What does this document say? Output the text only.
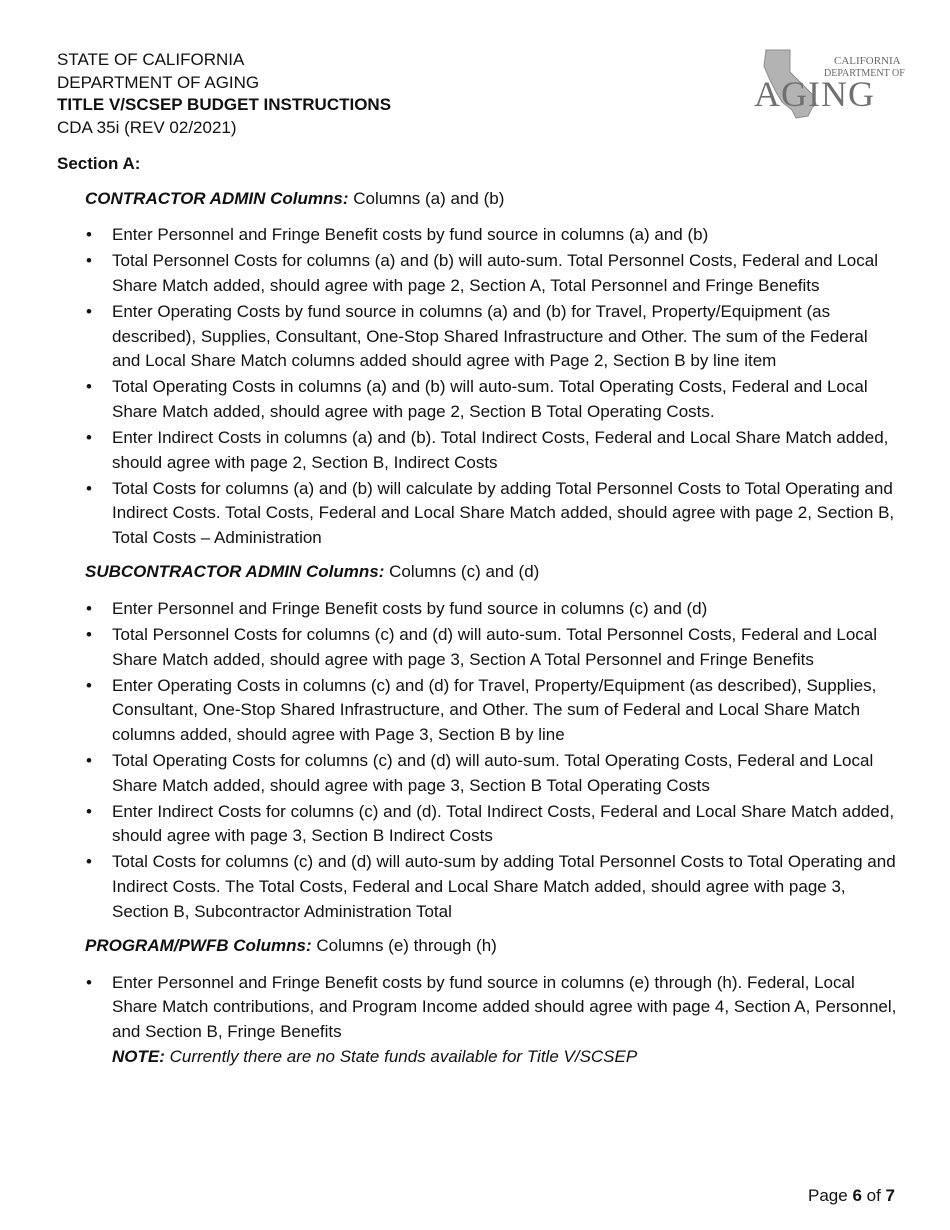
STATE OF CALIFORNIA
DEPARTMENT OF AGING
TITLE V/SCSEP BUDGET INSTRUCTIONS
CDA 35i (REV 02/2021)
CALIFORNIA
DEPARTMENT OF
AGING
Section A:
CONTRACTOR ADMIN Columns: Columns (a) and (b)
• Enter Personnel and Fringe Benefit costs by fund source in columns (a) and (b)
• Total Personnel Costs for columns (a) and (b) will auto-sum. Total Personnel Costs, Federal and Local Share Match added, should agree with page 2, Section A, Total Personnel and Fringe Benefits
• Enter Operating Costs by fund source in columns (a) and (b) for Travel, Property/Equipment (as described), Supplies, Consultant, One-Stop Shared Infrastructure and Other. The sum of the Federal and Local Share Match columns added should agree with Page 2, Section B by line item
• Total Operating Costs in columns (a) and (b) will auto-sum. Total Operating Costs, Federal and Local Share Match added, should agree with page 2, Section B Total Operating Costs.
• Enter Indirect Costs in columns (a) and (b). Total Indirect Costs, Federal and Local Share Match added, should agree with page 2, Section B, Indirect Costs
• Total Costs for columns (a) and (b) will calculate by adding Total Personnel Costs to Total Operating and Indirect Costs. Total Costs, Federal and Local Share Match added, should agree with page 2, Section B, Total Costs – Administration
SUBCONTRACTOR ADMIN Columns: Columns (c) and (d)
• Enter Personnel and Fringe Benefit costs by fund source in columns (c) and (d)
• Total Personnel Costs for columns (c) and (d) will auto-sum. Total Personnel Costs, Federal and Local Share Match added, should agree with page 3, Section A Total Personnel and Fringe Benefits
• Enter Operating Costs in columns (c) and (d) for Travel, Property/Equipment (as described), Supplies, Consultant, One-Stop Shared Infrastructure, and Other. The sum of Federal and Local Share Match columns added, should agree with Page 3, Section B by line
• Total Operating Costs for columns (c) and (d) will auto-sum. Total Operating Costs, Federal and Local Share Match added, should agree with page 3, Section B Total Operating Costs
• Enter Indirect Costs for columns (c) and (d). Total Indirect Costs, Federal and Local Share Match added, should agree with page 3, Section B Indirect Costs
• Total Costs for columns (c) and (d) will auto-sum by adding Total Personnel Costs to Total Operating and Indirect Costs. The Total Costs, Federal and Local Share Match added, should agree with page 3, Section B, Subcontractor Administration Total
PROGRAM/PWFB Columns: Columns (e) through (h)
• Enter Personnel and Fringe Benefit costs by fund source in columns (e) through (h). Federal, Local Share Match contributions, and Program Income added should agree with page 4, Section A, Personnel, and Section B, Fringe Benefits
NOTE: Currently there are no State funds available for Title V/SCSEP
Page 6 of 7
